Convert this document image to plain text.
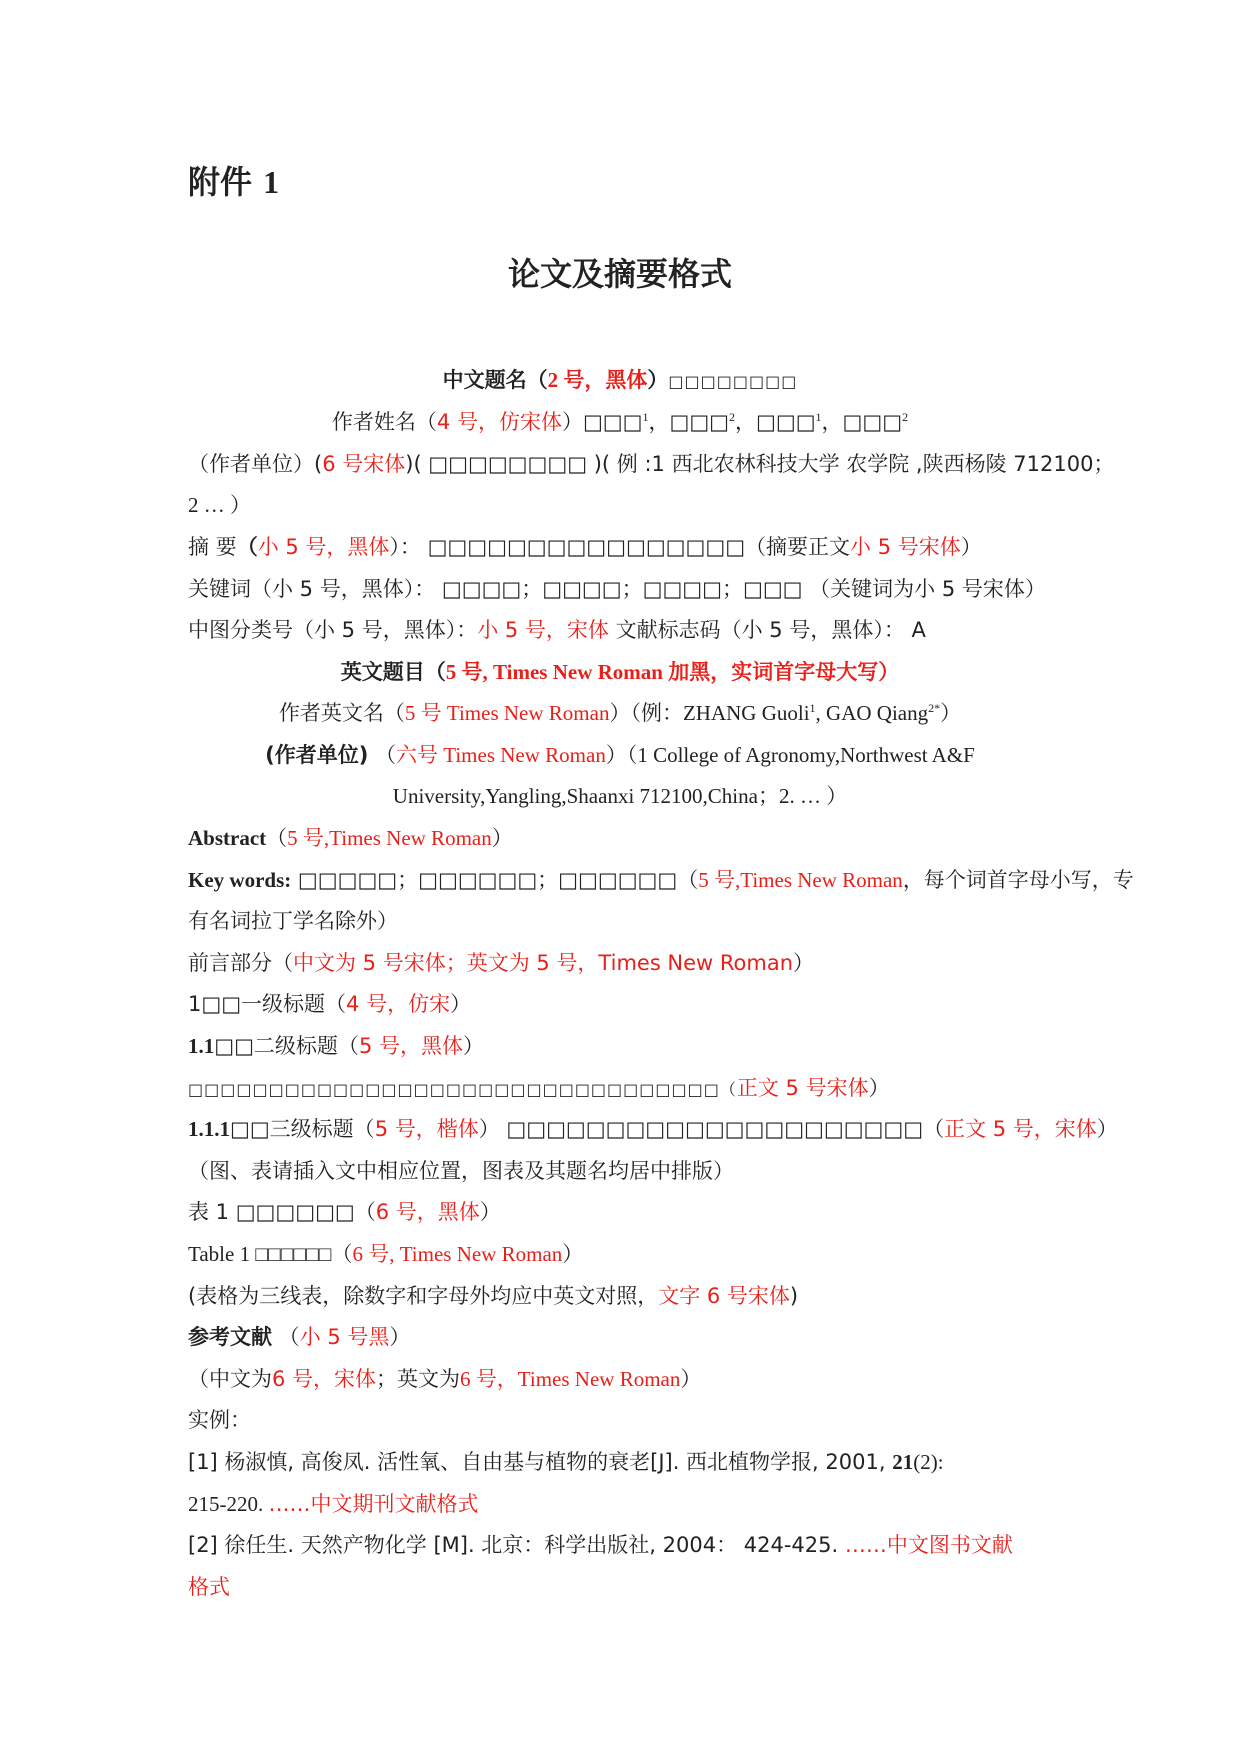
附件 1
论文及摘要格式
中文题名（2 号，黑体）□□□□□□□□
作者姓名（4 号，仿宋体）□□□$^1$，□□□$^2$，□□□$^1$，□□□$^2$
（作者单位）(6 号宋体)( □□□□□□□□ )( 例 :1 西北农林科技大学 农学院 ,陕西杨陵 712100；
2 … ）
摘 要（小 5 号，黑体）： □□□□□□□□□□□□□□□□（摘要正文小 5 号宋体）
关键词（小 5 号，黑体）： □□□□；□□□□；□□□□；□□□ （关键词为小 5 号宋体）
中图分类号（小 5 号，黑体）：小 5 号，宋体 文献标志码（小 5 号，黑体）： A
英文题目（5 号, Times New Roman 加黑，实词首字母大写）
作者英文名（5 号 Times New Roman）（例：ZHANG Guoli$^1$, GAO Qiang$^{2*}$）
(作者单位) （六号 Times New Roman）（1 College of Agronomy,Northwest A&F
University,Yangling,Shaanxi 712100,China；2. … ）
Abstract（5 号,Times New Roman）
Key words: □□□□□；□□□□□□；□□□□□□（5 号,Times New Roman，每个词首字母小写，专
有名词拉丁学名除外）
前言部分（中文为 5 号宋体；英文为 5 号，Times New Roman）
1□□一级标题（4 号，仿宋）
1.1□□二级标题（5 号，黑体）
□□□□□□□□□□□□□□□□□□□□□□□□□□□□□□□□□（正文 5 号宋体）
1.1.1□□三级标题（5 号，楷体） □□□□□□□□□□□□□□□□□□□□□（正文 5 号，宋体）
（图、表请插入文中相应位置，图表及其题名均居中排版）
表 1 □□□□□□（6 号，黑体）
Table 1 □□□□□□（6 号, Times New Roman）
(表格为三线表，除数字和字母外均应中英文对照，文字 6 号宋体)
参考文献 （小 5 号黑）
（中文为6 号，宋体；英文为6 号，Times New Roman）
实例：
[1] 杨淑慎, 高俊凤. 活性氧、自由基与植物的衰老[J]. 西北植物学报, 2001, 21(2):
215-220. ……中文期刊文献格式
[2] 徐任生. 天然产物化学 [M]. 北京：科学出版社, 2004： 424-425. ……中文图书文献
格式
